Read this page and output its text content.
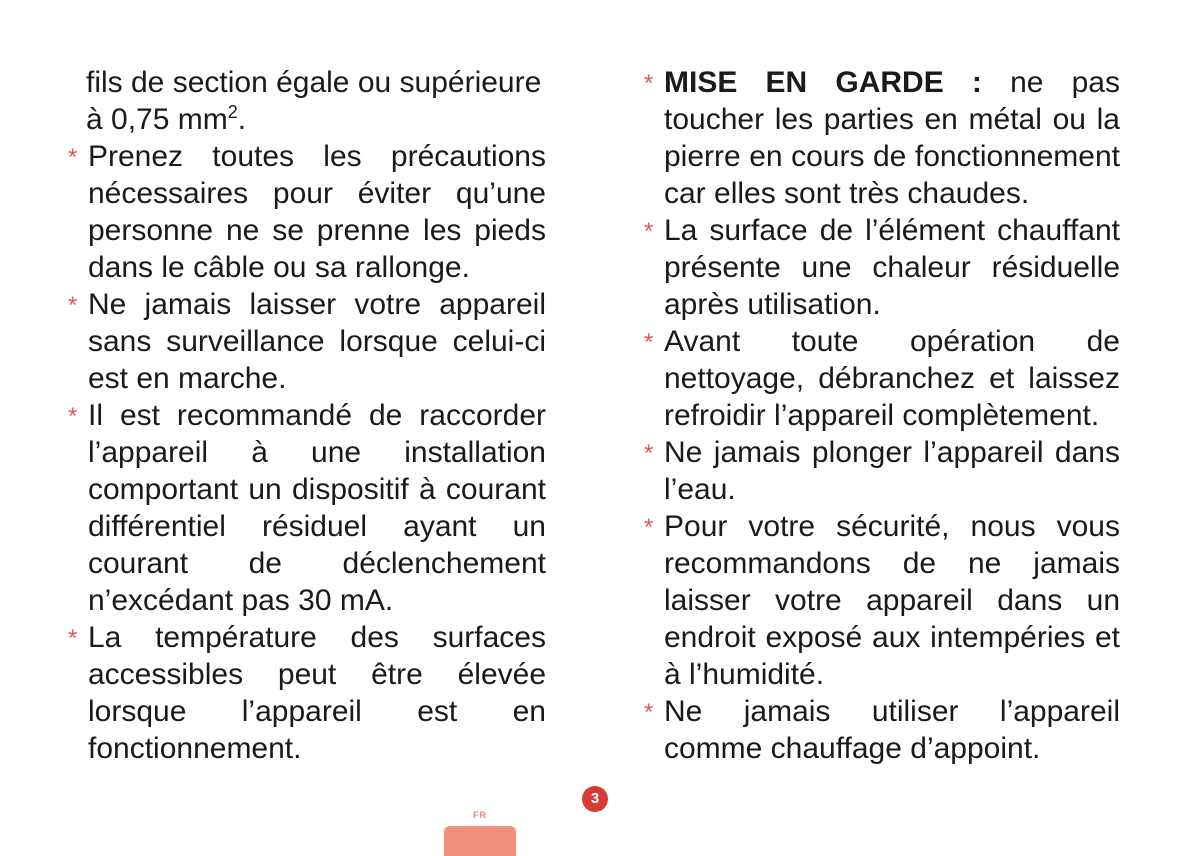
fils de section égale ou supérieure à 0,75 $mm^2$.

* Prenez toutes les précautions nécessaires pour éviter qu’une personne ne se prenne les pieds dans le câble ou sa rallonge.

* Ne jamais laisser votre appareil sans surveillance lorsque celui-ci est en marche.

* Il est recommandé de raccorder l’appareil à une installation comportant un dispositif à courant différentiel résiduel ayant un courant de déclenchement n’excédant pas 30 mA.

* La température des surfaces accessibles peut être élevée lorsque l’appareil est en fonctionnement.

* MISE EN GARDE : ne pas toucher les parties en métal ou la pierre en cours de fonctionnement car elles sont très chaudes.

* La surface de l’élément chauffant présente une chaleur résiduelle après utilisation.

* Avant toute opération de nettoyage, débranchez et laissez refroidir l’appareil complètement.

* Ne jamais plonger l’appareil dans l’eau.

* Pour votre sécurité, nous vous recommandons de ne jamais laisser votre appareil dans un endroit exposé aux intempéries et à l’humidité.

* Ne jamais utiliser l’appareil comme chauffage d’appoint.

3
FR
